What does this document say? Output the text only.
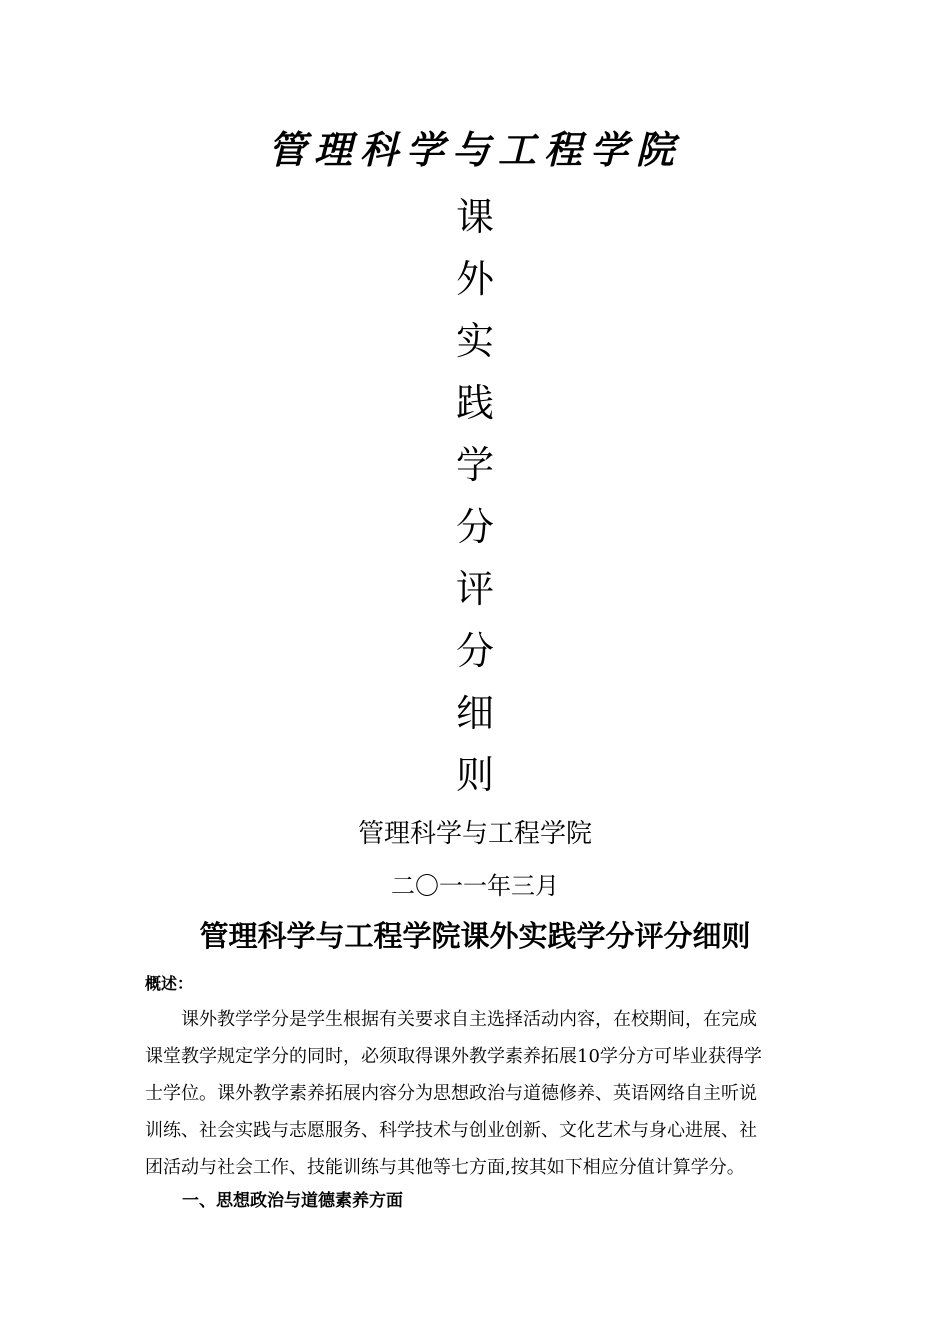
管理科学与工程学院
课
外
实
践
学
分
评
分
细
则
管理科学与工程学院
二〇一一年三月
管理科学与工程学院课外实践学分评分细则
概述：

课外教学学分是学生根据有关要求自主选择活动内容，在校期间，在完成
课堂教学规定学分的同时，必须取得课外教学素养拓展10学分方可毕业获得学
士学位。课外教学素养拓展内容分为思想政治与道德修养、英语网络自主听说
训练、社会实践与志愿服务、科学技术与创业创新、文化艺术与身心进展、社
团活动与社会工作、技能训练与其他等七方面,按其如下相应分值计算学分。

一、思想政治与道德素养方面
